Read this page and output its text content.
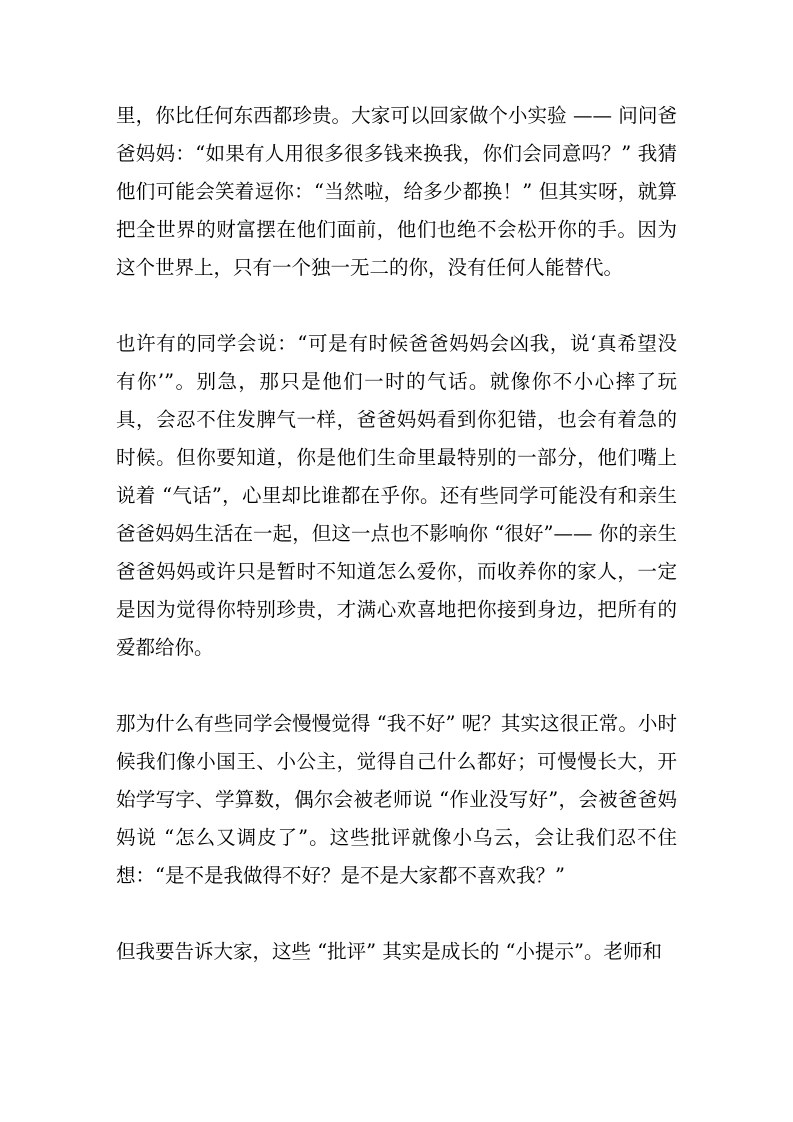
里，你比任何东西都珍贵。大家可以回家做个小实验 —— 问问爸爸妈妈：“如果有人用很多很多钱来换我，你们会同意吗？” 我猜他们可能会笑着逗你：“当然啦，给多少都换！” 但其实呀，就算把全世界的财富摆在他们面前，他们也绝不会松开你的手。因为这个世界上，只有一个独一无二的你，没有任何人能替代。

也许有的同学会说：“可是有时候爸爸妈妈会凶我，说‘真希望没有你’”。别急，那只是他们一时的气话。就像你不小心摔了玩具，会忍不住发脾气一样，爸爸妈妈看到你犯错，也会有着急的时候。但你要知道，你是他们生命里最特别的一部分，他们嘴上说着 “气话”，心里却比谁都在乎你。还有些同学可能没有和亲生爸爸妈妈生活在一起，但这一点也不影响你 “很好”—— 你的亲生爸爸妈妈或许只是暂时不知道怎么爱你，而收养你的家人，一定是因为觉得你特别珍贵，才满心欢喜地把你接到身边，把所有的爱都给你。

那为什么有些同学会慢慢觉得 “我不好” 呢？其实这很正常。小时候我们像小国王、小公主，觉得自己什么都好；可慢慢长大，开始学写字、学算数，偶尔会被老师说 “作业没写好”，会被爸爸妈妈说 “怎么又调皮了”。这些批评就像小乌云，会让我们忍不住想：“是不是我做得不好？是不是大家都不喜欢我？”

但我要告诉大家，这些 “批评” 其实是成长的 “小提示”。老师和
